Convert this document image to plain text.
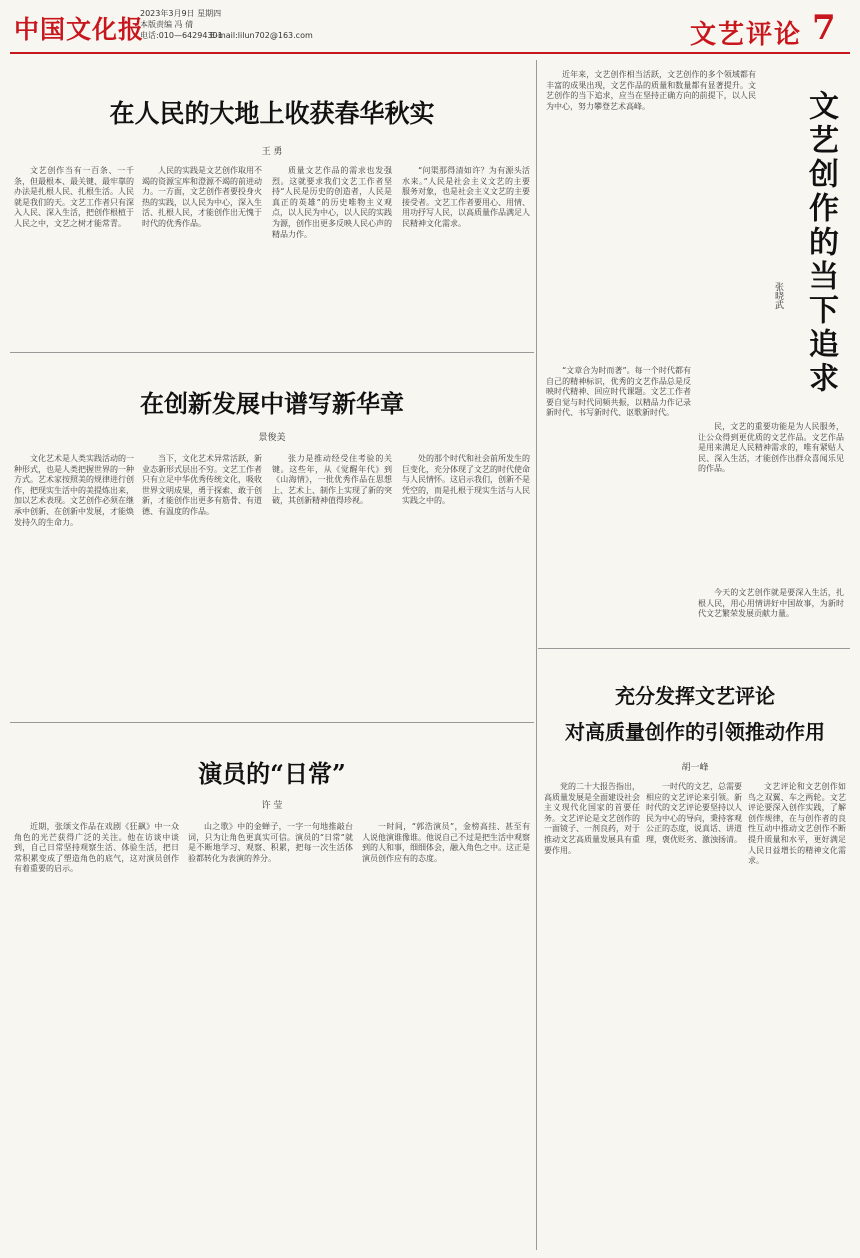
中国文化报
2023年3月9日 星期四
本版责编 冯 倩
电话:010—64294301
E-mail:lilun702@163.com	文艺评论 7
在人民的大地上收获春华秋实
王 勇
文艺创作当有一百条、一千条，但最根本、最关键、最牢靠的办法是扎根人民、扎根生活。人民就是我们的天。文艺工作者只有深入人民、深入生活，把创作根植于人民之中，文艺之树才能常青。
人民的实践是文艺创作取用不竭的资源宝库和澄源不竭的前进动力。一方面，文艺创作者要投身火热的实践，以人民为中心，深入生活、扎根人民，才能创作出无愧于时代的优秀作品。
质量文艺作品的需求也发强烈。这就要求我们文艺工作者坚持“人民是历史的创造者，人民是真正的英雄”的历史唯物主义观点，以人民为中心，以人民的实践为源，创作出更多反映人民心声的精品力作。
“问渠那得清如许？为有源头活水来。”人民是社会主义文艺的主要服务对象，也是社会主义文艺的主要接受者。文艺工作者要用心、用情、用功抒写人民，以高质量作品满足人民精神文化需求。
在创新发展中谱写新华章
景俊美
文化艺术是人类实践活动的一种形式，也是人类把握世界的一种方式。艺术家按照美的规律进行创作，把现实生活中的美提炼出来，加以艺术表现。文艺创作必须在继承中创新、在创新中发展，才能焕发持久的生命力。
当下，文化艺术异常活跃，新业态新形式层出不穷。文艺工作者只有立足中华优秀传统文化，吸收世界文明成果，勇于探索、敢于创新，才能创作出更多有筋骨、有道德、有温度的作品。
张力是推动经受住考验的关键。这些年，从《觉醒年代》到《山海情》，一批优秀作品在思想上、艺术上、制作上实现了新的突破，其创新精神值得珍视。
处的那个时代和社会前所发生的巨变化，充分体现了文艺的时代使命与人民情怀。这启示我们，创新不是凭空的，而是扎根于现实生活与人民实践之中的。
演员的“日常”
许 莹
近期，张颂文作品在戏剧《狂飙》中一众角色的光芒获得广泛的关注。他在访谈中谈到，自己日常坚持观察生活、体验生活，把日常积累变成了塑造角色的底气，这对演员创作有着重要的启示。
山之歌》中的金蝉子，一字一句地推敲台词，只为让角色更真实可信。演员的“日常”就是不断地学习、观察、积累，把每一次生活体验都转化为表演的养分。
一时间，“郭浩演员”，金榜高挂、甚至有人说他演谁像谁。他说自己不过是把生活中观察到的人和事，细细体会，融入角色之中。这正是演员创作应有的态度。
文艺创作的当下追求
张晓武
近年来，文艺创作相当活跃，文艺创作的多个领域都有丰富的成果出现，文艺作品的质量和数量都有显著提升。文艺创作的当下追求，应当在坚持正确方向的前提下，以人民为中心，努力攀登艺术高峰。
“文章合为时而著”。每一个时代都有自己的精神标识，优秀的文艺作品总是反映时代精神、回应时代课题。文艺工作者要自觉与时代同频共振，以精品力作记录新时代、书写新时代、讴歌新时代。
民，文艺的重要功能是为人民服务，让公众得到更优质的文艺作品。文艺作品是用来满足人民精神需求的，唯有紧贴人民、深入生活，才能创作出群众喜闻乐见的作品。
今天的文艺创作就是要深入生活，扎根人民，用心用情讲好中国故事，为新时代文艺繁荣发展贡献力量。
充分发挥文艺评论
对高质量创作的引领推动作用
胡一峰
党的二十大报告指出，高质量发展是全面建设社会主义现代化国家的首要任务。文艺评论是文艺创作的一面镜子、一剂良药，对于推动文艺高质量发展具有重要作用。
一时代的文艺，总需要相应的文艺评论来引领。新时代的文艺评论要坚持以人民为中心的导向，秉持客观公正的态度，说真话、讲道理，褒优贬劣、激浊扬清。
文艺评论和文艺创作如鸟之双翼、车之两轮。文艺评论要深入创作实践，了解创作规律，在与创作者的良性互动中推动文艺创作不断提升质量和水平，更好满足人民日益增长的精神文化需求。
